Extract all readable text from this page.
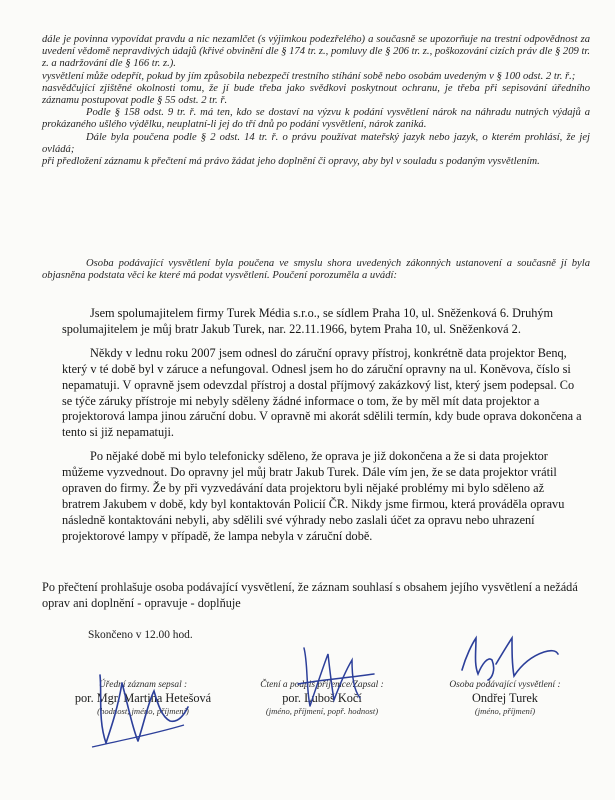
dále je povinna vypovídat pravdu a nic nezamlčet (s výjimkou podezřelého) a současně se upozorňuje na trestní odpovědnost za uvedení vědomě nepravdivých údajů (křivé obvinění dle § 174 tr. z., pomluvy dle § 206 tr. z., poškozování cizích práv dle § 209 tr. z. a nadržování dle § 166 tr. z.).

vysvětlení může odepřít, pokud by jím způsobila nebezpečí trestního stíhání sobě nebo osobám uvedeným v § 100 odst. 2 tr. ř.;

nasvědčující zjištěné okolnosti tomu, že jí bude třeba jako svědkovi poskytnout ochranu, je třeba při sepisování úředního záznamu postupovat podle § 55 odst. 2 tr. ř.

Podle § 158 odst. 9 tr. ř. má ten, kdo se dostaví na výzvu k podání vysvětlení nárok na náhradu nutných výdajů a prokázaného ušlého výdělku, neuplatní-li jej do tří dnů po podání vysvětlení, nárok zaniká.

Dále byla poučena podle § 2 odst. 14 tr. ř. o právu používat mateřský jazyk nebo jazyk, o kterém prohlásí, že jej ovládá;

při předložení záznamu k přečtení má právo žádat jeho doplnění či opravy, aby byl v souladu s podaným vysvětlením.

Osoba podávající vysvětlení byla poučena ve smyslu shora uvedených zákonných ustanovení a současně jí byla objasněna podstata věci ke které má podat vysvětlení. Poučení porozuměla a uvádí:

Jsem spolumajitelem firmy Turek Média s.r.o., se sídlem Praha 10, ul. Sněženková 6. Druhým spolumajitelem je můj bratr Jakub Turek, nar. 22.11.1966, bytem Praha 10, ul. Sněženková 2.

Někdy v lednu roku 2007 jsem odnesl do záruční opravy přístroj, konkrétně data projektor Benq, který v té době byl v záruce a nefungoval. Odnesl jsem ho do záruční opravny na ul. Koněvova, číslo si nepamatuji. V opravně jsem odevzdal přístroj a dostal příjmový zakázkový list, který jsem podepsal. Co se týče záruky přístroje mi nebyly sděleny žádné informace o tom, že by měl mít data projektor a projektorová lampa jinou záruční dobu. V opravně mi akorát sdělili termín, kdy bude oprava dokončena a tento si již nepamatuji.

Po nějaké době mi bylo telefonicky sděleno, že oprava je již dokončena a že si data projektor můžeme vyzvednout. Do opravny jel můj bratr Jakub Turek. Dále vím jen, že se data projektor vrátil opraven do firmy. Že by při vyzvedávání data projektoru byli nějaké problémy mi bylo sděleno až bratrem Jakubem v době, kdy byl kontaktován Policií ČR. Nikdy jsme firmou, která prováděla opravu následně kontaktováni nebyli, aby sdělili své výhrady nebo zaslali účet za opravu nebo uhrazení projektorové lampy v případě, že lampa nebyla v záruční době.

Po přečtení prohlašuje osoba podávající vysvětlení, že záznam souhlasí s obsahem jejího vysvětlení a nežádá oprav ani doplnění - opravuje - doplňuje

Skončeno v 12.00 hod.
Úřední záznam sepsal :
por. Mgr. Martina Hetešová
(hodnost, jméno, příjmení)
Čtení a podpis přijemce/Zapsal :
por. Luboš Kočí
(jméno, příjmení, popř. hodnost)
Osoba podávající vysvětlení :
Ondřej Turek
(jméno, příjmení)
